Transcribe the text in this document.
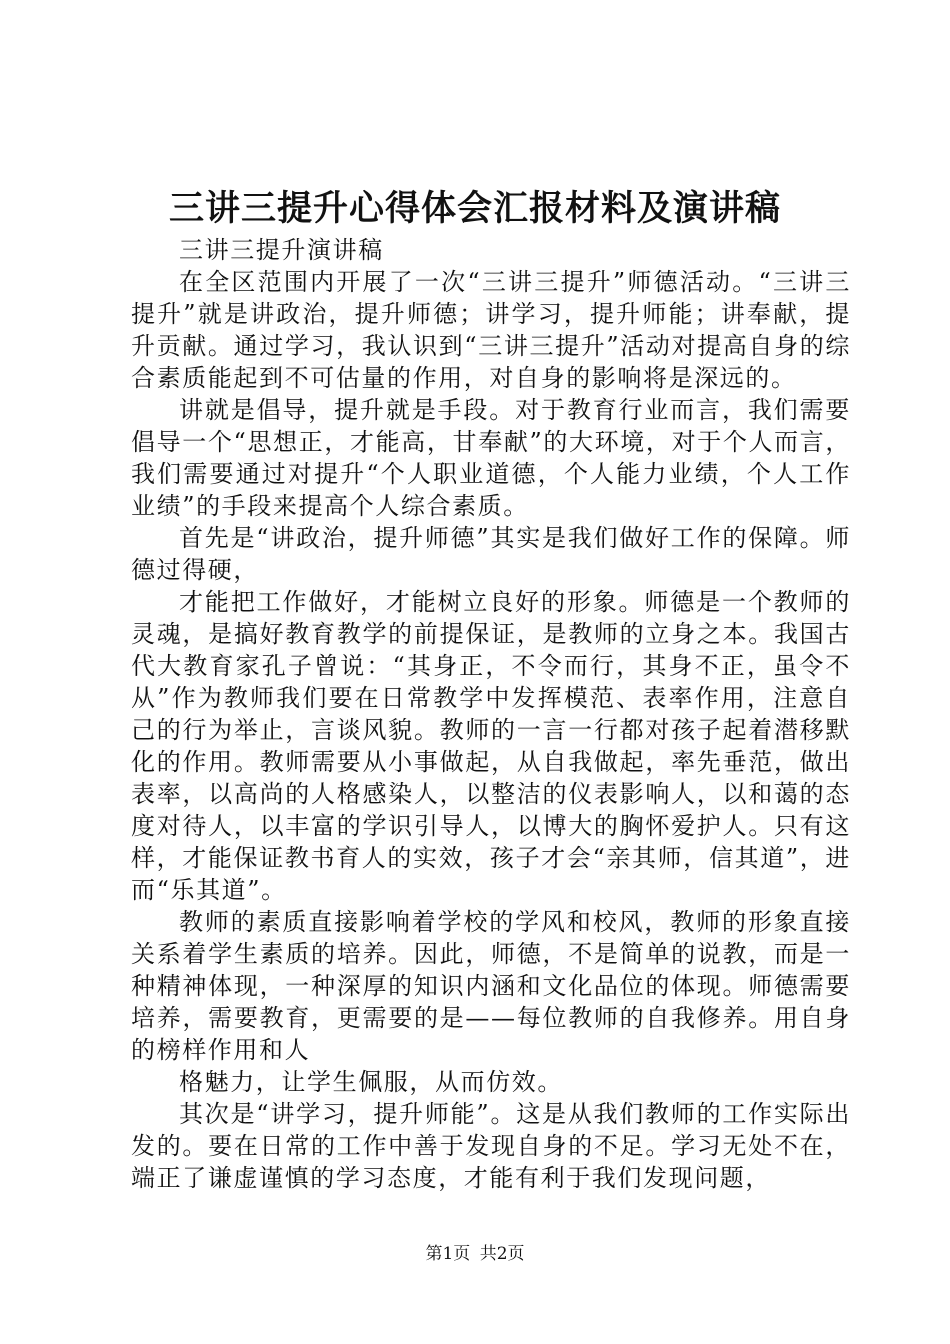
三讲三提升心得体会汇报材料及演讲稿

三讲三提升演讲稿

在全区范围内开展了一次“三讲三提升”师德活动。“三讲三提升”就是讲政治，提升师德；讲学习，提升师能；讲奉献，提升贡献。通过学习，我认识到“三讲三提升”活动对提高自身的综合素质能起到不可估量的作用，对自身的影响将是深远的。

讲就是倡导，提升就是手段。对于教育行业而言，我们需要倡导一个“思想正，才能高，甘奉献”的大环境，对于个人而言，我们需要通过对提升“个人职业道德，个人能力业绩，个人工作业绩”的手段来提高个人综合素质。

首先是“讲政治，提升师德”其实是我们做好工作的保障。师德过得硬，

才能把工作做好，才能树立良好的形象。师德是一个教师的灵魂，是搞好教育教学的前提保证，是教师的立身之本。我国古代大教育家孔子曾说：“其身正，不令而行，其身不正，虽令不从”作为教师我们要在日常教学中发挥模范、表率作用，注意自己的行为举止，言谈风貌。教师的一言一行都对孩子起着潜移默化的作用。教师需要从小事做起，从自我做起，率先垂范，做出表率，以高尚的人格感染人，以整洁的仪表影响人，以和蔼的态度对待人，以丰富的学识引导人，以博大的胸怀爱护人。只有这样，才能保证教书育人的实效，孩子才会“亲其师，信其道”，进而“乐其道”。

教师的素质直接影响着学校的学风和校风，教师的形象直接关系着学生素质的培养。因此，师德，不是简单的说教，而是一种精神体现，一种深厚的知识内涵和文化品位的体现。师德需要培养，需要教育，更需要的是——每位教师的自我修养。用自身的榜样作用和人

格魅力，让学生佩服，从而仿效。

其次是“讲学习，提升师能”。这是从我们教师的工作实际出发的。要在日常的工作中善于发现自身的不足。学习无处不在，端正了谦虚谨慎的学习态度，才能有利于我们发现问题，

第1页 共2页
